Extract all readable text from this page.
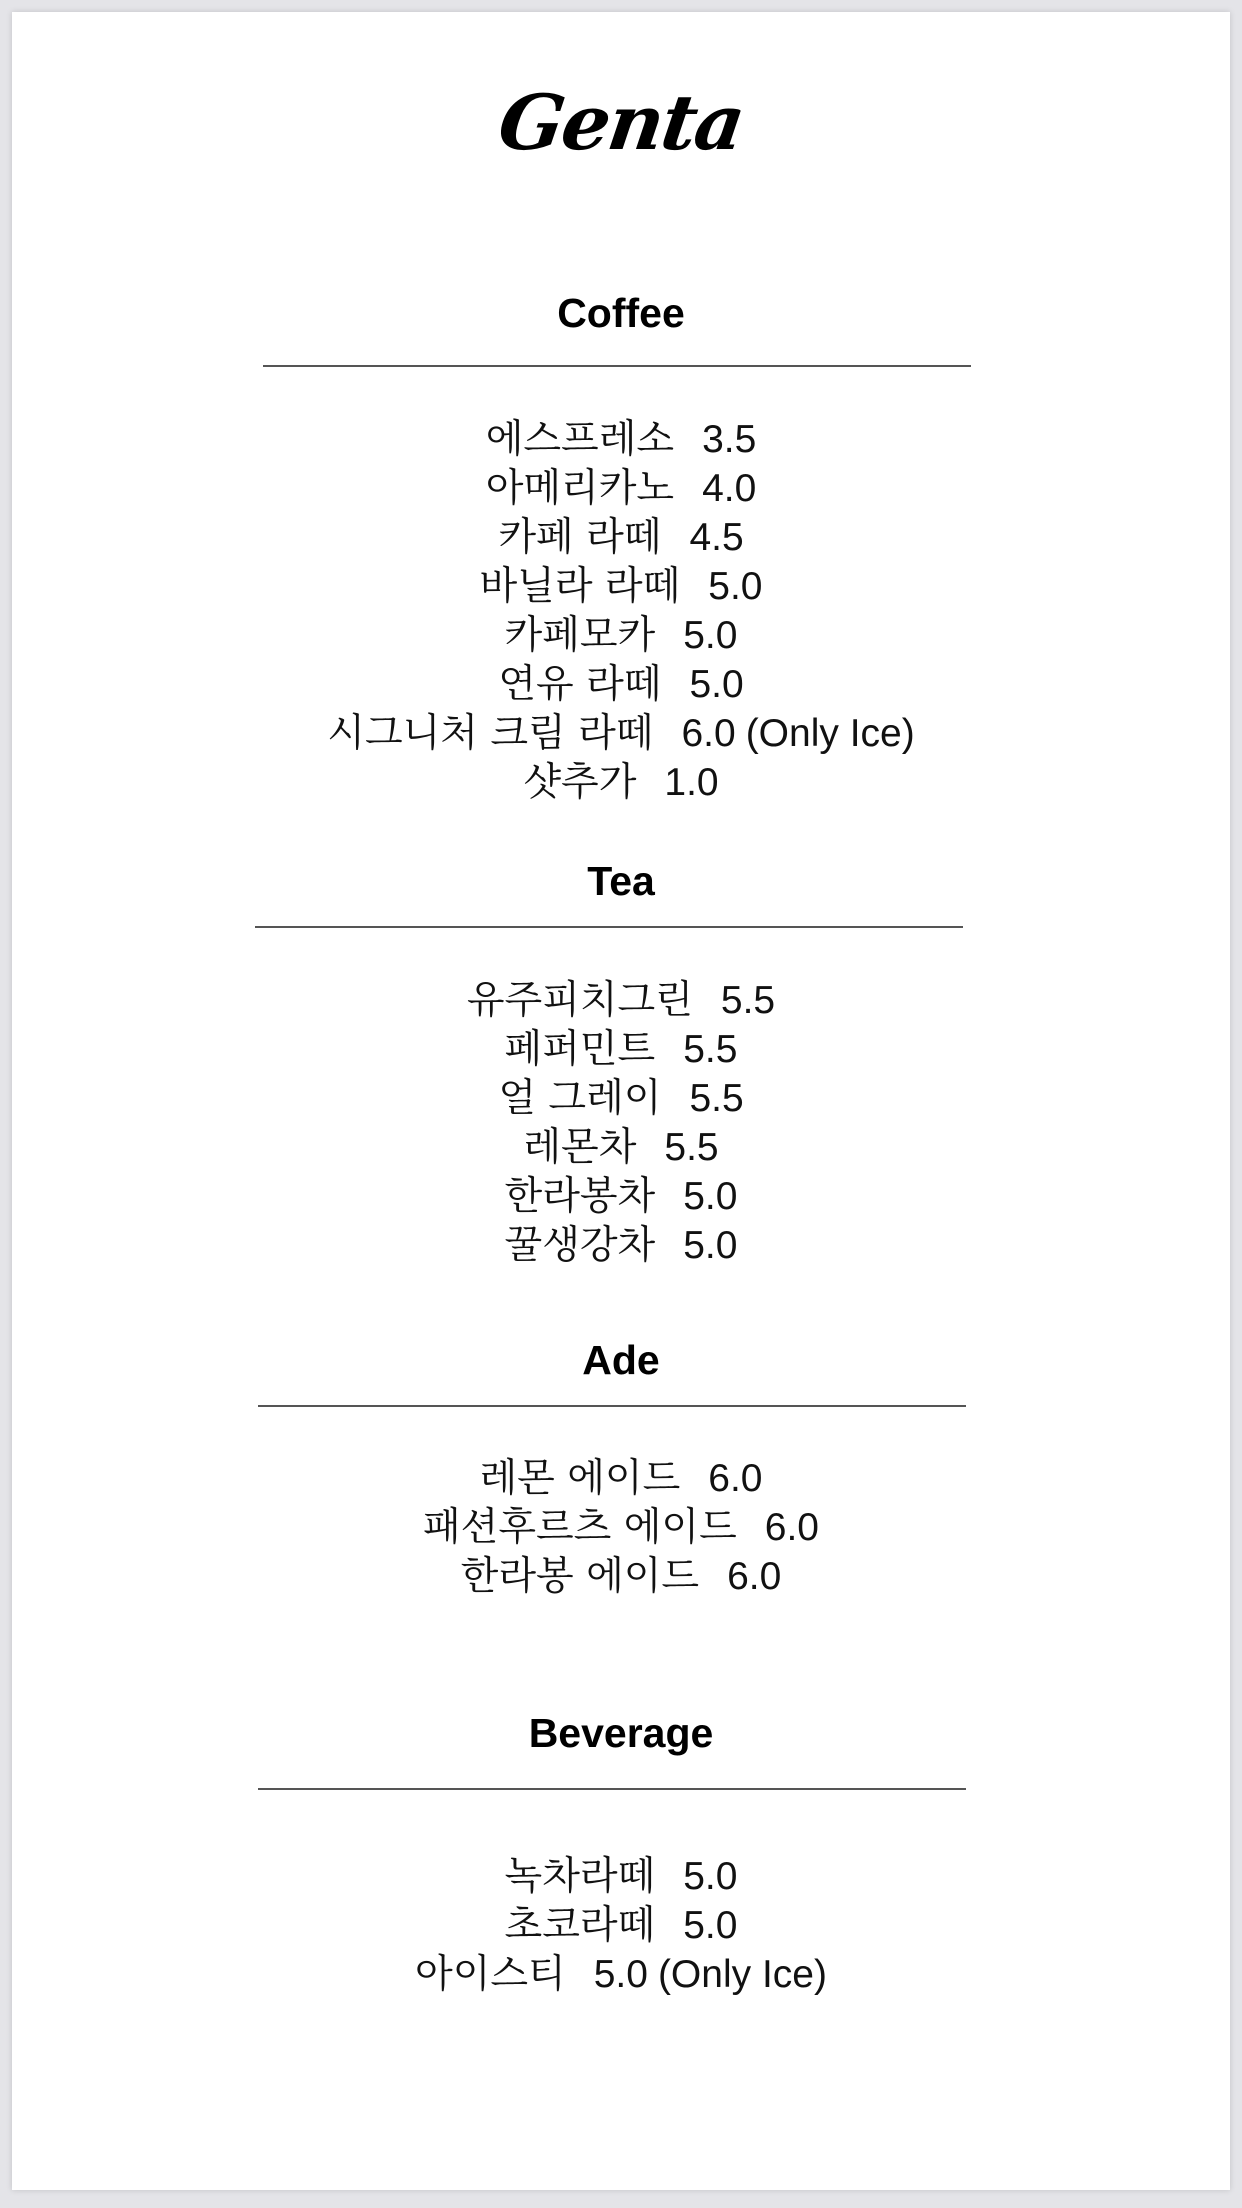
Genta
Coffee
에스프레소 3.5
아메리카노 4.0
카페 라떼 4.5
바닐라 라떼 5.0
카페모카 5.0
연유 라떼 5.0
시그니처 크림 라떼 6.0 (Only Ice)
샷추가 1.0
Tea
유주피치그린 5.5
페퍼민트 5.5
얼 그레이 5.5
레몬차 5.5
한라봉차 5.0
꿀생강차 5.0
Ade
레몬 에이드 6.0
패션후르츠 에이드 6.0
한라봉 에이드 6.0
Beverage
녹차라떼 5.0
초코라떼 5.0
아이스티 5.0 (Only Ice)
